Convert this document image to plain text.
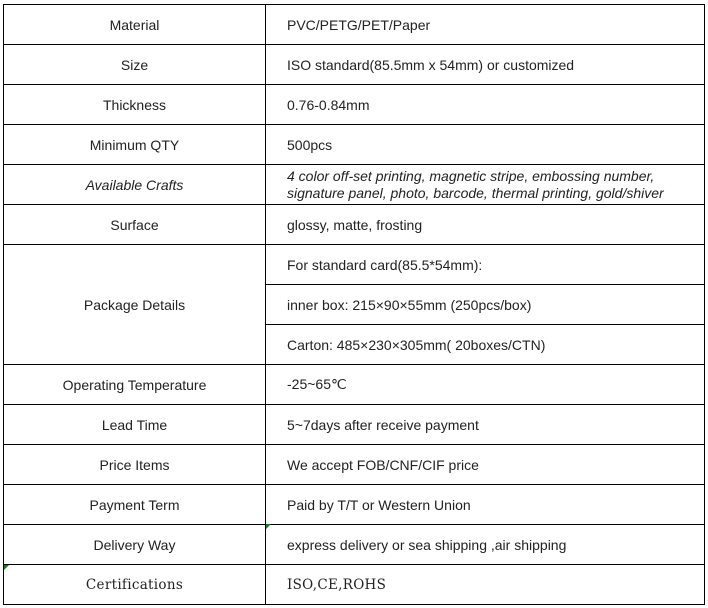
Material	PVC/PETG/PET/Paper
Size	ISO standard(85.5mm x 54mm) or customized
Thickness	0.76-0.84mm
Minimum QTY	500pcs
Available Crafts	4 color off-set printing, magnetic stripe, embossing number,
signature panel, photo, barcode, thermal printing, gold/shiver

Surface	glossy, matte, frosting
Package Details	For standard card(85.5*54mm):
	inner box: 215×90×55mm (250pcs/box)
	Carton: 485×230×305mm( 20boxes/CTN)
Operating Temperature	-25~65℃
Lead Time	5~7days after receive payment
Price Items	We accept FOB/CNF/CIF price
Payment Term	Paid by T/T or Western Union
Delivery Way	express delivery or sea shipping ,air shipping
Certifications	ISO,CE,ROHS
